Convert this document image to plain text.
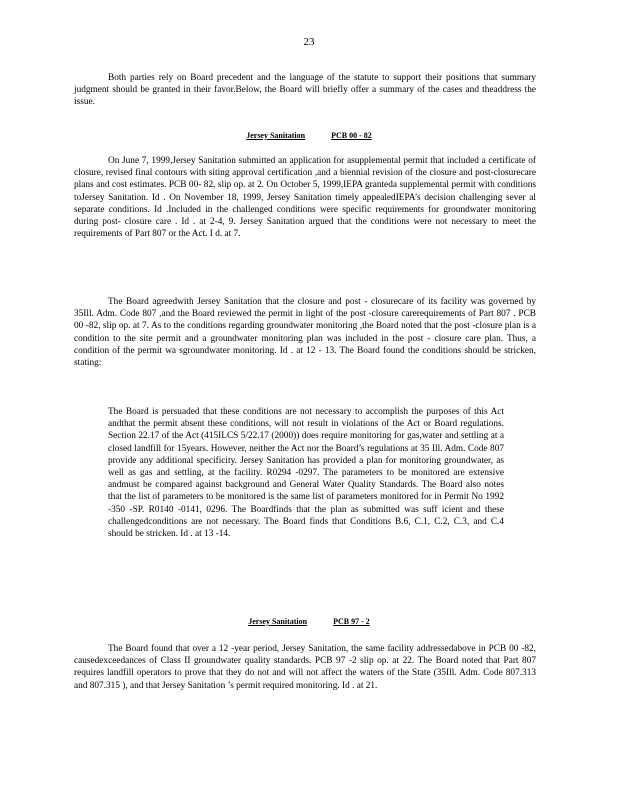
23

Both parties rely on Board precedent and the language of the statute to support their positions that summary judgment should be granted in their favor.Below, the Board will briefly offer a summary of the cases and theaddress the issue.

Jersey Sanitation	PCB 00 - 82

On June 7, 1999,Jersey Sanitation submitted an application for asupplemental permit that included a certificate of closure, revised final contours with siting approval certification ,and a biennial revision of the closure and post-closurecare plans and cost estimates. PCB 00- 82, slip op. at 2. On October 5, 1999,IEPA granteda supplemental permit with conditions toJersey Sanitation. Id . On November 18, 1999, Jersey Sanitation timely appealedIEPA’s decision challenging sever al separate conditions. Id .Included in the challenged conditions were specific requirements for groundwater monitoring during post- closure care . Id . at 2-4, 9. Jersey Sanitation argued that the conditions were not necessary to meet the requirements of Part 807 or the Act. I d. at 7.

The Board agreedwith Jersey Sanitation that the closure and post - closurecare of its facility was governed by 35Ill. Adm. Code 807 ,and the Board reviewed the permit in light of the post -closure carerequirements of Part 807 . PCB 00 -82, slip op. at 7. As to the conditions regarding groundwater monitoring ,the Board noted that the post -closure plan is a condition to the site permit and a groundwater monitoring plan was included in the post - closure care plan. Thus, a condition of the permit wa sgroundwater monitoring. Id . at 12 - 13. The Board found the conditions should be stricken, stating:

The Board is persuaded that these conditions are not necessary to accomplish the purposes of this Act andthat the permit absent these conditions, will not result in violations of the Act or Board regulations. Section 22.17 of the Act (415ILCS 5/22.17 (2000)) does require monitoring for gas,water and settling at a closed landfill for 15years. However, neither the Act nor the Board’s regulations at 35 Ill. Adm. Code 807 provide any additional specificity. Jersey Sanitation has provided a plan for monitoring groundwater, as well as gas and settling, at the facility. R0294 -0297. The parameters to be monitored are extensive andmust be compared against background and General Water Quality Standards. The Board also notes that the list of parameters to be monitored is the same list of parameters monitored for in Permit No 1992 -350 -SP. R0140 -0141, 0296. The Boardfinds that the plan as submitted was suff icient and these challengedconditions are not necessary. The Board finds that Conditions B.6, C.1, C.2, C.3, and C.4 should be stricken. Id . at 13 -14.

Jersey Sanitation	PCB 97 - 2

The Board found that over a 12 -year period, Jersey Sanitation, the same facility addressedabove in PCB 00 -82, causedexceedances of Class II groundwater quality standards. PCB 97 -2 slip op. at 22. The Board noted that Part 807 requires landfill operators to prove that they do not and will not affect the waters of the State (35Ill. Adm. Code 807.313 and 807.315 ), and that Jersey Sanitation ’s permit required monitoring. Id . at 21.
